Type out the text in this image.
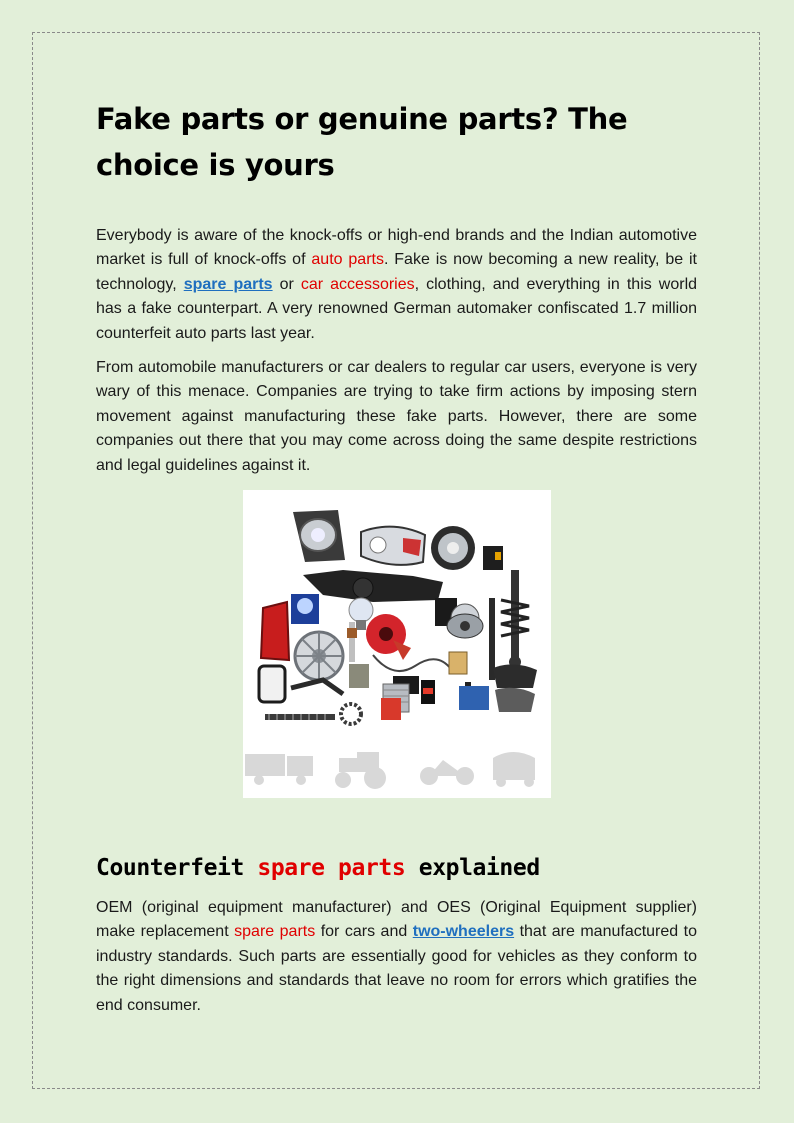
Fake parts or genuine parts? The choice is yours

Everybody is aware of the knock-offs or high-end brands and the Indian automotive market is full of knock-offs of auto parts. Fake is now becoming a new reality, be it technology, spare parts or car accessories, clothing, and everything in this world has a fake counterpart. A very renowned German automaker confiscated 1.7 million counterfeit auto parts last year.

From automobile manufacturers or car dealers to regular car users, everyone is very wary of this menace. Companies are trying to take firm actions by imposing stern movement against manufacturing these fake parts. However, there are some companies out there that you may come across doing the same despite restrictions and legal guidelines against it.

Counterfeit spare parts explained

OEM (original equipment manufacturer) and OES (Original Equipment supplier) make replacement spare parts for cars and two-wheelers that are manufactured to industry standards. Such parts are essentially good for vehicles as they conform to the right dimensions and standards that leave no room for errors which gratifies the end consumer.
